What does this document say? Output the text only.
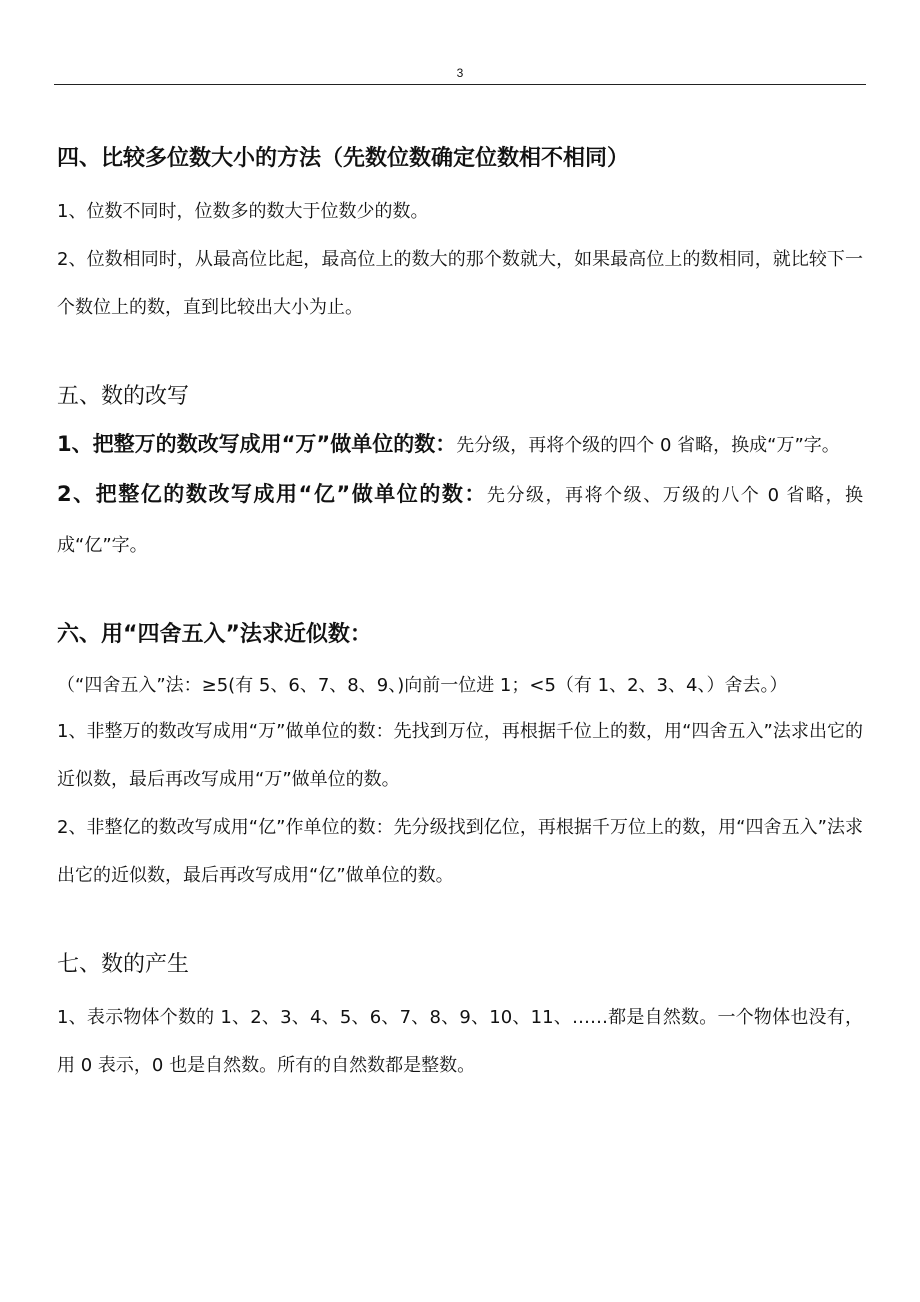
3
四、比较多位数大小的方法（先数位数确定位数相不相同）

1、位数不同时，位数多的数大于位数少的数。

2、位数相同时，从最高位比起，最高位上的数大的那个数就大，如果最高位上的数相同，就比较下一个数位上的数，直到比较出大小为止。

五、数的改写

1、把整万的数改写成用“万”做单位的数：先分级，再将个级的四个 0 省略，换成“万”字。

2、把整亿的数改写成用“亿”做单位的数：先分级，再将个级、万级的八个 0 省略，换成“亿”字。

六、用“四舍五入”法求近似数：

（“四舍五入”法：≥5(有 5、6、7、8、9、)向前一位进 1；<5（有 1、2、3、4、）舍去。）

1、非整万的数改写成用“万”做单位的数：先找到万位，再根据千位上的数，用“四舍五入”法求出它的近似数，最后再改写成用“万”做单位的数。

2、非整亿的数改写成用“亿”作单位的数：先分级找到亿位，再根据千万位上的数，用“四舍五入”法求出它的近似数，最后再改写成用“亿”做单位的数。

七、数的产生

1、表示物体个数的 1、2、3、4、5、6、7、8、9、10、11、……都是自然数。一个物体也没有，用 0 表示，0 也是自然数。所有的自然数都是整数。
